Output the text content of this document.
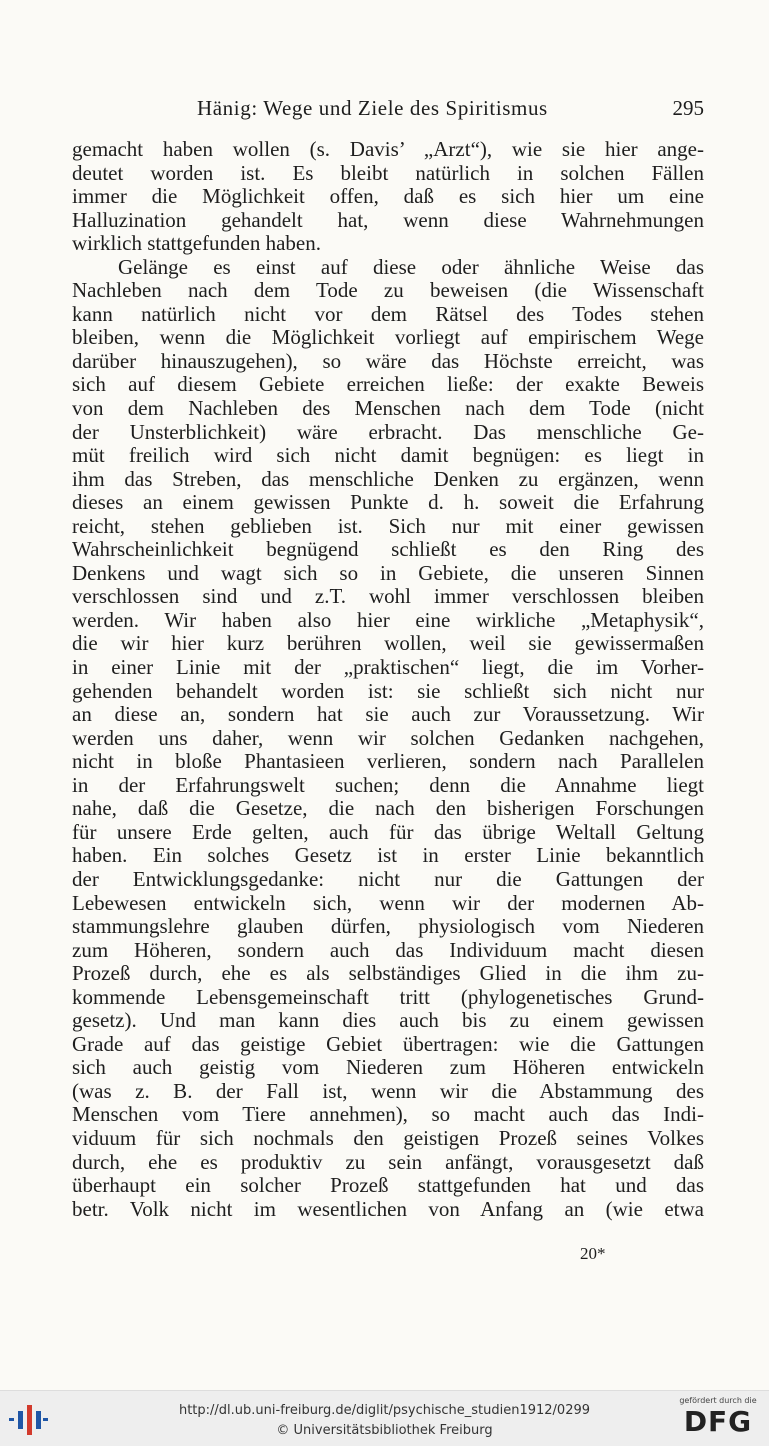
Hänig: Wege und Ziele des Spiritismus	295
gemacht haben wollen (s. Davis’ „Arzt“), wie sie hier ange-
deutet worden ist. Es bleibt natürlich in solchen Fällen
immer die Möglichkeit offen, daß es sich hier um eine
Halluzination gehandelt hat, wenn diese Wahrnehmungen
wirklich stattgefunden haben.
Gelänge es einst auf diese oder ähnliche Weise das
Nachleben nach dem Tode zu beweisen (die Wissenschaft
kann natürlich nicht vor dem Rätsel des Todes stehen
bleiben, wenn die Möglichkeit vorliegt auf empirischem Wege
darüber hinauszugehen), so wäre das Höchste erreicht, was
sich auf diesem Gebiete erreichen ließe: der exakte Beweis
von dem Nachleben des Menschen nach dem Tode (nicht
der Unsterblichkeit) wäre erbracht. Das menschliche Ge-
müt freilich wird sich nicht damit begnügen: es liegt in
ihm das Streben, das menschliche Denken zu ergänzen, wenn
dieses an einem gewissen Punkte d. h. soweit die Erfahrung
reicht, stehen geblieben ist. Sich nur mit einer gewissen
Wahrscheinlichkeit begnügend schließt es den Ring des
Denkens und wagt sich so in Gebiete, die unseren Sinnen
verschlossen sind und z.T. wohl immer verschlossen bleiben
werden. Wir haben also hier eine wirkliche „Metaphysik“,
die wir hier kurz berühren wollen, weil sie gewissermaßen
in einer Linie mit der „praktischen“ liegt, die im Vorher-
gehenden behandelt worden ist: sie schließt sich nicht nur
an diese an, sondern hat sie auch zur Voraussetzung. Wir
werden uns daher, wenn wir solchen Gedanken nachgehen,
nicht in bloße Phantasieen verlieren, sondern nach Parallelen
in der Erfahrungswelt suchen; denn die Annahme liegt
nahe, daß die Gesetze, die nach den bisherigen Forschungen
für unsere Erde gelten, auch für das übrige Weltall Geltung
haben. Ein solches Gesetz ist in erster Linie bekanntlich
der Entwicklungsgedanke: nicht nur die Gattungen der
Lebewesen entwickeln sich, wenn wir der modernen Ab-
stammungslehre glauben dürfen, physiologisch vom Niederen
zum Höheren, sondern auch das Individuum macht diesen
Prozeß durch, ehe es als selbständiges Glied in die ihm zu-
kommende Lebensgemeinschaft tritt (phylogenetisches Grund-
gesetz). Und man kann dies auch bis zu einem gewissen
Grade auf das geistige Gebiet übertragen: wie die Gattungen
sich auch geistig vom Niederen zum Höheren entwickeln
(was z. B. der Fall ist, wenn wir die Abstammung des
Menschen vom Tiere annehmen), so macht auch das Indi-
viduum für sich nochmals den geistigen Prozeß seines Volkes
durch, ehe es produktiv zu sein anfängt, vorausgesetzt daß
überhaupt ein solcher Prozeß stattgefunden hat und das
betr. Volk nicht im wesentlichen von Anfang an (wie etwa
20*
http://dl.ub.uni-freiburg.de/diglit/psychische_studien1912/0299
© Universitätsbibliothek Freiburg
gefördert durch die
DFG
